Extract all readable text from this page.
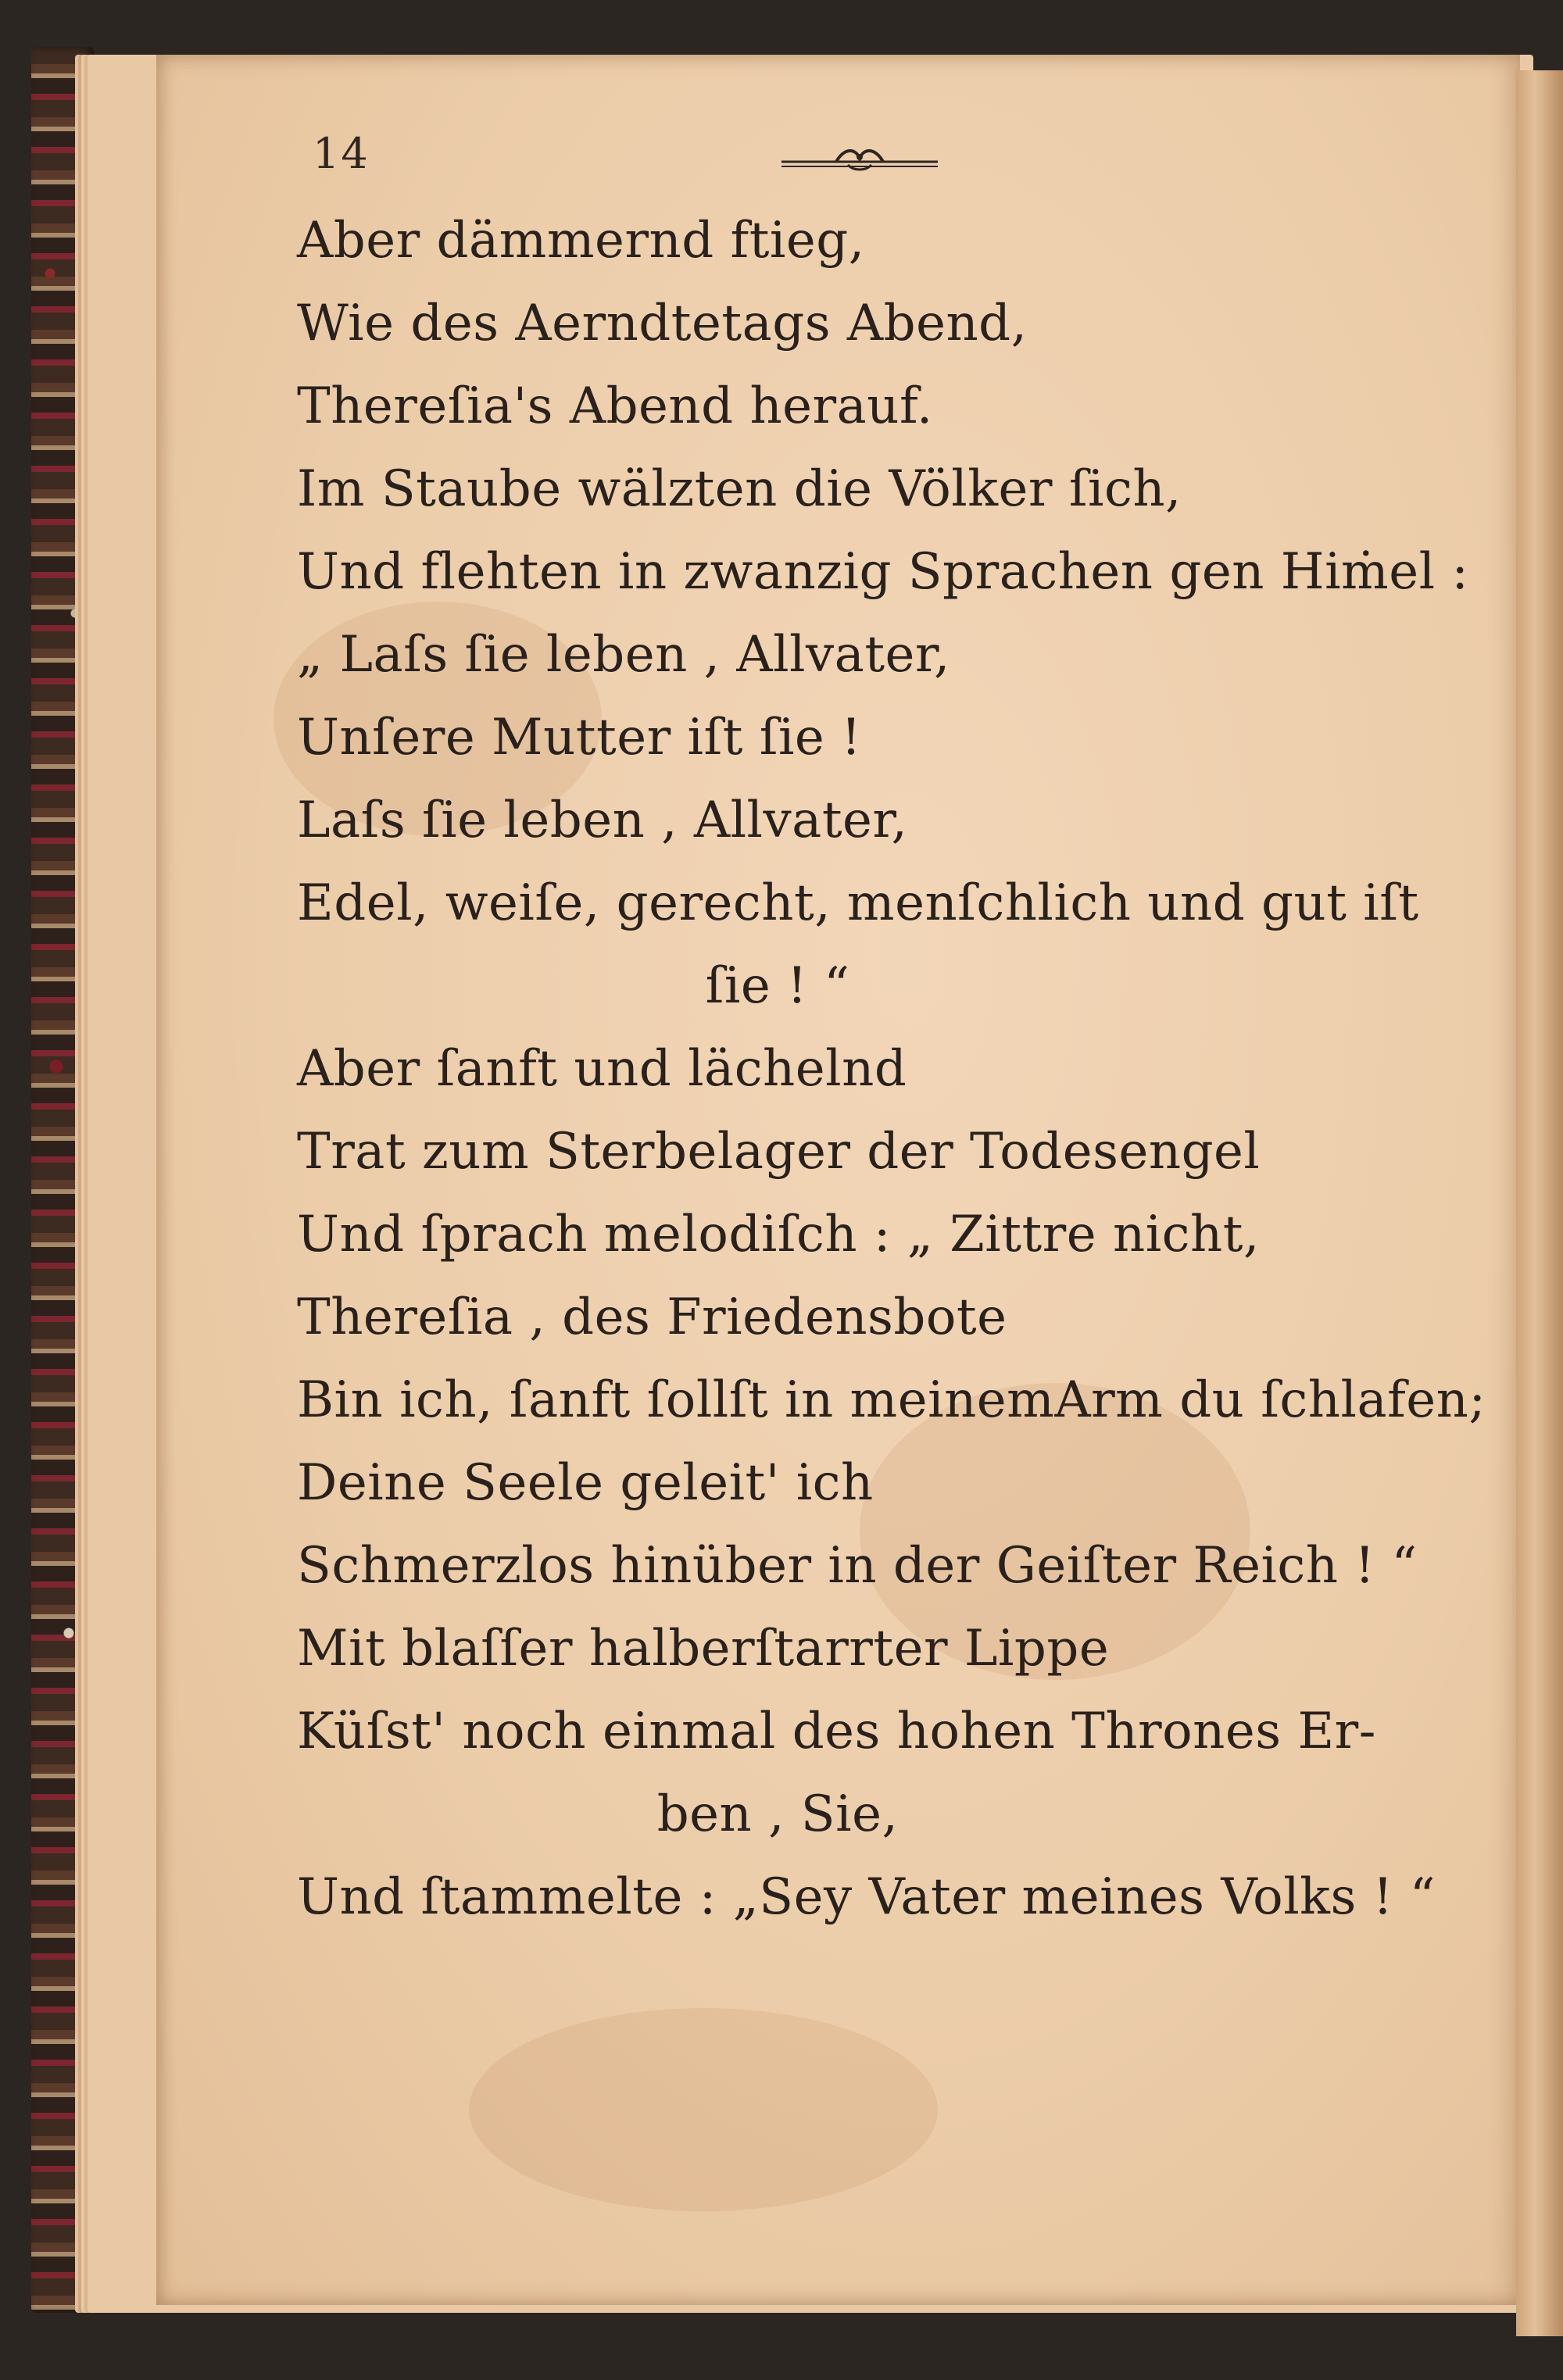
14
Aber dämmernd ftieg,
Wie des Aerndtetags Abend,
Thereſia's Abend herauf.
Im Staube wälzten die Völker ſich,
Und flehten in zwanzig Sprachen gen Hiṁel :
„ Laſs ſie leben , Allvater,
Unſere Mutter iſt ſie !
Laſs ſie leben , Allvater,
Edel, weiſe, gerecht, menſchlich und gut iſt
ſie ! “
Aber ſanft und lächelnd
Trat zum Sterbelager der Todesengel
Und ſprach melodiſch : „ Zittre nicht,
Thereſia , des Friedensbote
Bin ich, ſanft ſollſt in meinemArm du ſchlafen;
Deine Seele geleit' ich
Schmerzlos hinüber in der Geiſter Reich ! “
Mit blaſſer halberſtarrter Lippe
Küſst' noch einmal des hohen Thrones Er-
ben , Sie,
Und ſtammelte : „Sey Vater meines Volks ! “
